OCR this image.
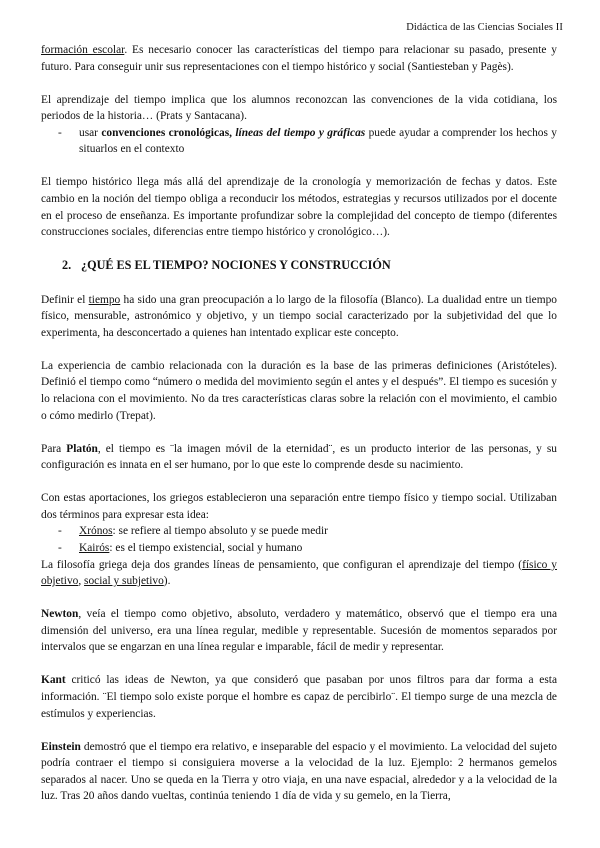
Didáctica de las Ciencias Sociales II

formación escolar. Es necesario conocer las características del tiempo para relacionar su pasado, presente y futuro. Para conseguir unir sus representaciones con el tiempo histórico y social (Santiesteban y Pagès).

El aprendizaje del tiempo implica que los alumnos reconozcan las convenciones de la vida cotidiana, los periodos de la historia… (Prats y Santacana).

- usar convenciones cronológicas, líneas del tiempo y gráficas puede ayudar a comprender los hechos y situarlos en el contexto

El tiempo histórico llega más allá del aprendizaje de la cronología y memorización de fechas y datos. Este cambio en la noción del tiempo obliga a reconducir los métodos, estrategias y recursos utilizados por el docente en el proceso de enseñanza. Es importante profundizar sobre la complejidad del concepto de tiempo (diferentes construcciones sociales, diferencias entre tiempo histórico y cronológico…).

2. ¿QUÉ ES EL TIEMPO? NOCIONES Y CONSTRUCCIÓN

Definir el tiempo ha sido una gran preocupación a lo largo de la filosofía (Blanco). La dualidad entre un tiempo físico, mensurable, astronómico y objetivo, y un tiempo social caracterizado por la subjetividad del que lo experimenta, ha desconcertado a quienes han intentado explicar este concepto.

La experiencia de cambio relacionada con la duración es la base de las primeras definiciones (Aristóteles). Definió el tiempo como “número o medida del movimiento según el antes y el después”. El tiempo es sucesión y lo relaciona con el movimiento. No da tres características claras sobre la relación con el movimiento, el cambio o cómo medirlo (Trepat).

Para Platón, el tiempo es ¨la imagen móvil de la eternidad¨, es un producto interior de las personas, y su configuración es innata en el ser humano, por lo que este lo comprende desde su nacimiento.

Con estas aportaciones, los griegos establecieron una separación entre tiempo físico y tiempo social. Utilizaban dos términos para expresar esta idea:

- Xrónos: se refiere al tiempo absoluto y se puede medir
- Kairós: es el tiempo existencial, social y humano

La filosofía griega deja dos grandes líneas de pensamiento, que configuran el aprendizaje del tiempo (físico y objetivo, social y subjetivo).

Newton, veía el tiempo como objetivo, absoluto, verdadero y matemático, observó que el tiempo era una dimensión del universo, era una línea regular, medible y representable. Sucesión de momentos separados por intervalos que se engarzan en una línea regular e imparable, fácil de medir y representar.

Kant criticó las ideas de Newton, ya que consideró que pasaban por unos filtros para dar forma a esta información. ¨El tiempo solo existe porque el hombre es capaz de percibirlo¨. El tiempo surge de una mezcla de estímulos y experiencias.

Einstein demostró que el tiempo era relativo, e inseparable del espacio y el movimiento. La velocidad del sujeto podría contraer el tiempo si consiguiera moverse a la velocidad de la luz. Ejemplo: 2 hermanos gemelos separados al nacer. Uno se queda en la Tierra y otro viaja, en una nave espacial, alrededor y a la velocidad de la luz. Tras 20 años dando vueltas, continúa teniendo 1 día de vida y su gemelo, en la Tierra,
